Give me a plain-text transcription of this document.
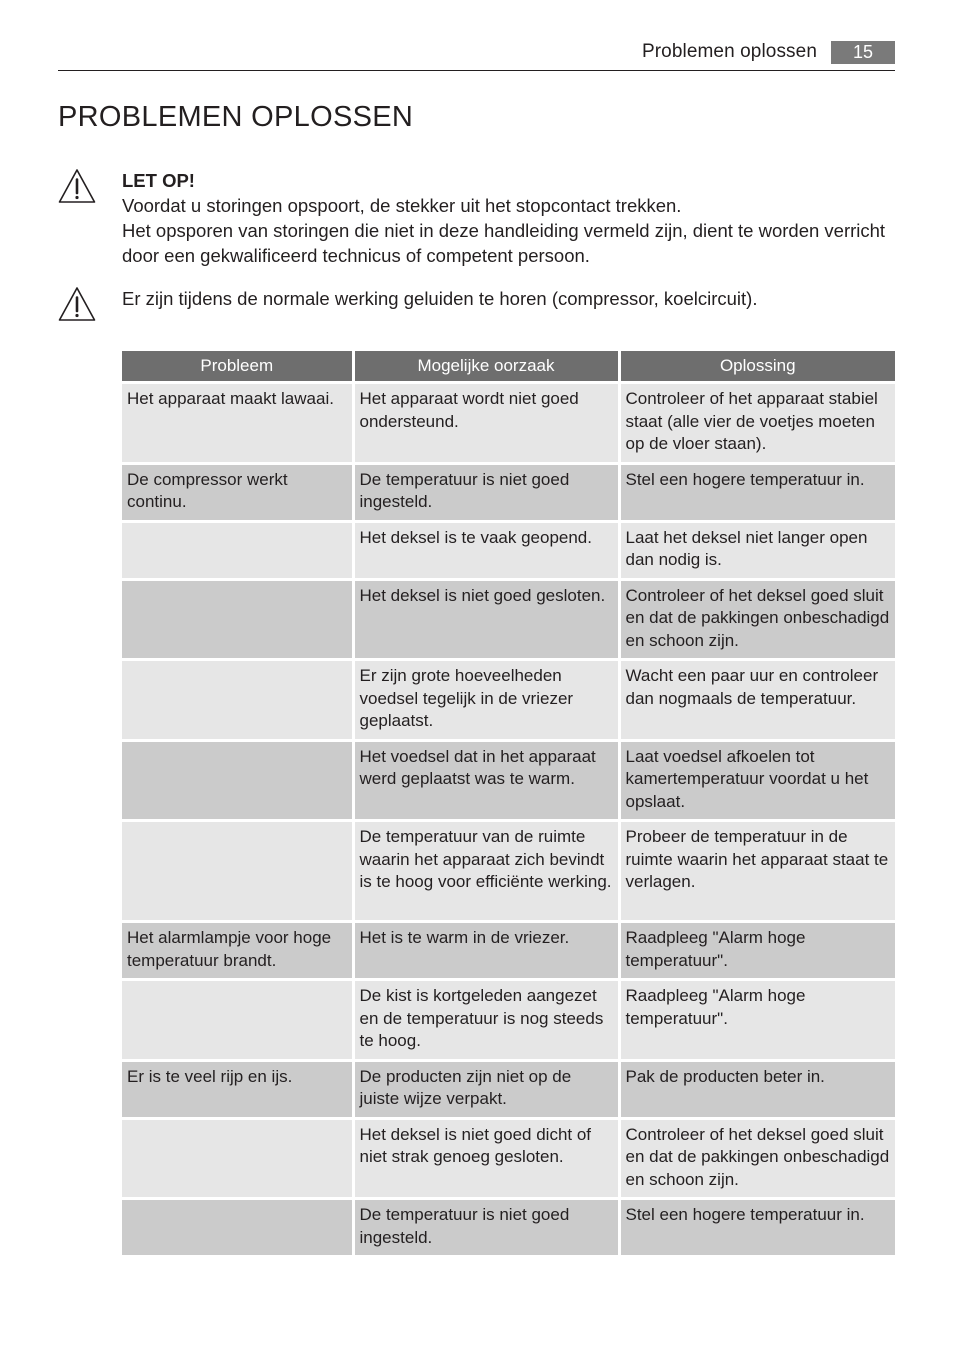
Problemen oplossen	15
PROBLEMEN OPLOSSEN

LET OP!

Voordat u storingen opspoort, de stekker uit het stopcontact trekken.

Het opsporen van storingen die niet in deze handleiding vermeld zijn, dient te worden verricht door een gekwalificeerd technicus of competent persoon.

Er zijn tijdens de normale werking geluiden te horen (compressor, koelcircuit).

Probleem	Mogelijke oorzaak	Oplossing
Het apparaat maakt lawaai.	Het apparaat wordt niet goed ondersteund.	Controleer of het apparaat stabiel staat (alle vier de voetjes moeten op de vloer staan).
De compressor werkt continu.	De temperatuur is niet goed ingesteld.	Stel een hogere temperatuur in.
	Het deksel is te vaak geopend.	Laat het deksel niet langer open dan nodig is.
	Het deksel is niet goed gesloten.	Controleer of het deksel goed sluit en dat de pakkingen onbeschadigd en schoon zijn.
	Er zijn grote hoeveelheden voedsel tegelijk in de vriezer geplaatst.	Wacht een paar uur en controleer dan nogmaals de temperatuur.
	Het voedsel dat in het apparaat werd geplaatst was te warm.	Laat voedsel afkoelen tot kamertemperatuur voordat u het opslaat.
	De temperatuur van de ruimte waarin het apparaat zich bevindt is te hoog voor efficiënte werking.	Probeer de temperatuur in de ruimte waarin het apparaat staat te verlagen.
Het alarmlampje voor hoge temperatuur brandt.	Het is te warm in de vriezer.	Raadpleeg "Alarm hoge temperatuur".
	De kist is kortgeleden aangezet en de temperatuur is nog steeds te hoog.	Raadpleeg "Alarm hoge temperatuur".
Er is te veel rijp en ijs.	De producten zijn niet op de juiste wijze verpakt.	Pak de producten beter in.
	Het deksel is niet goed dicht of niet strak genoeg gesloten.	Controleer of het deksel goed sluit en dat de pakkingen onbeschadigd en schoon zijn.
	De temperatuur is niet goed ingesteld.	Stel een hogere temperatuur in.
